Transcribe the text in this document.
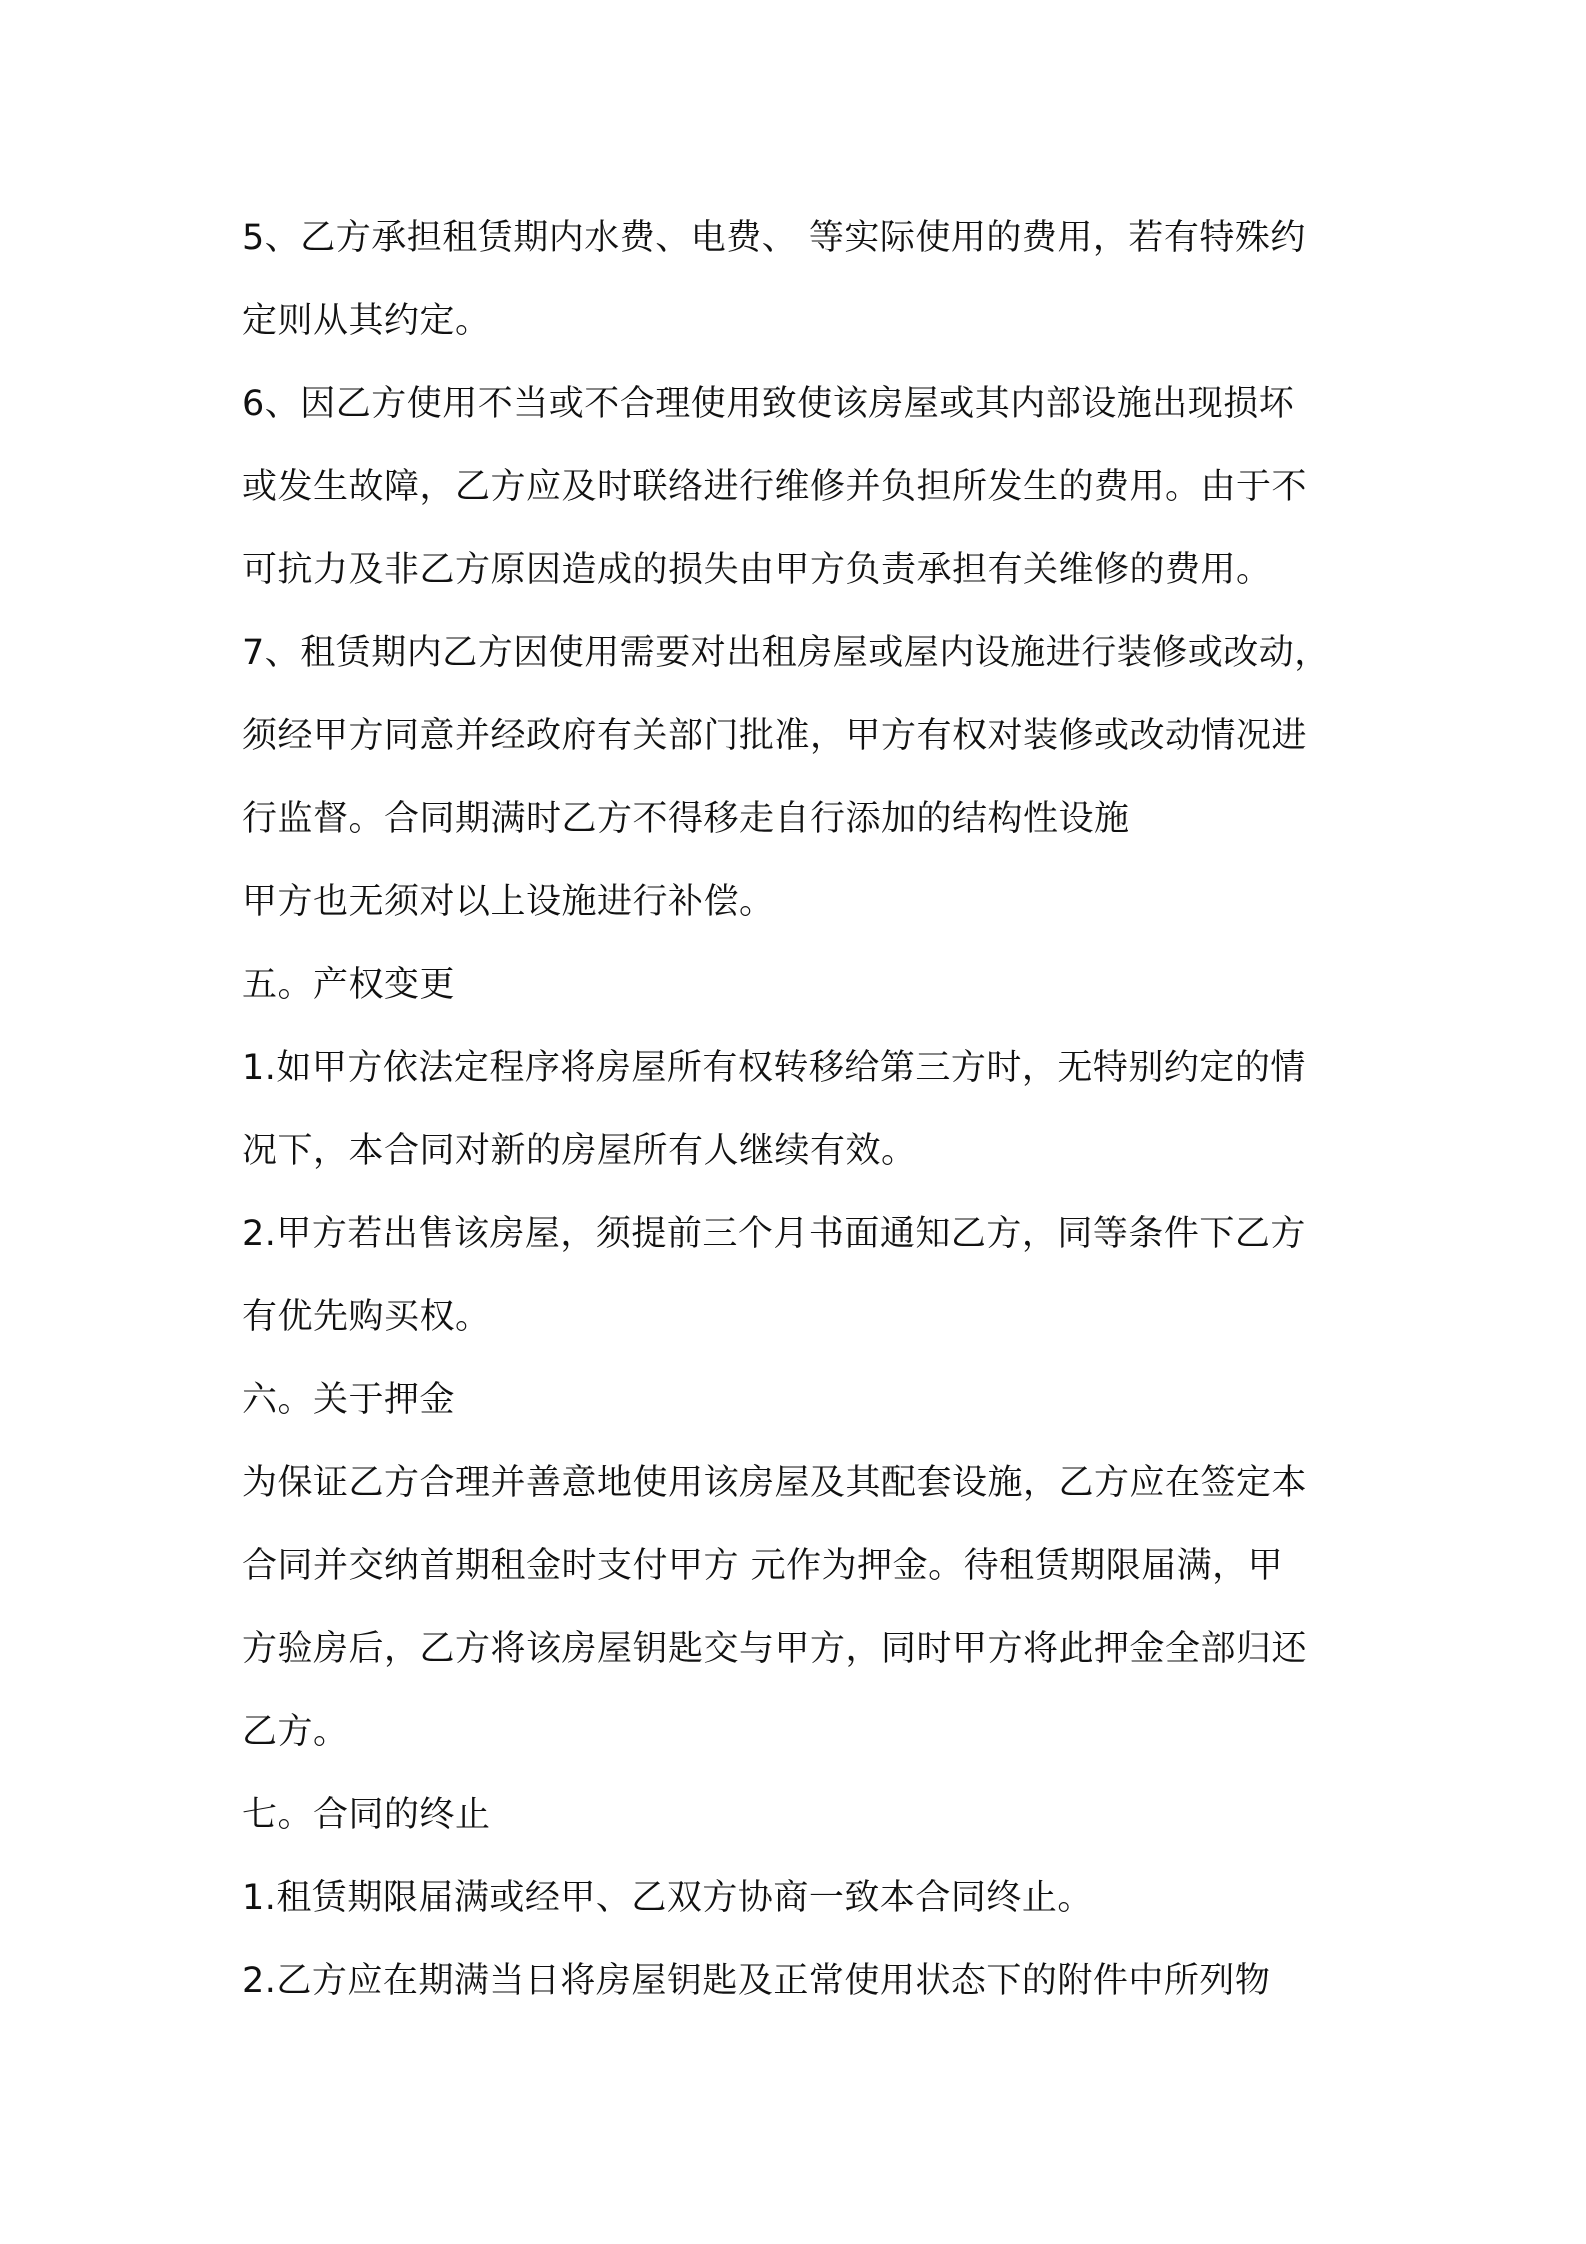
5、乙方承担租赁期内水费、电费、 等实际使用的费用，若有特殊约
定则从其约定。
6、因乙方使用不当或不合理使用致使该房屋或其内部设施出现损坏
或发生故障，乙方应及时联络进行维修并负担所发生的费用。由于不
可抗力及非乙方原因造成的损失由甲方负责承担有关维修的费用。
7、租赁期内乙方因使用需要对出租房屋或屋内设施进行装修或改动，
须经甲方同意并经政府有关部门批准，甲方有权对装修或改动情况进
行监督。合同期满时乙方不得移走自行添加的结构性设施
甲方也无须对以上设施进行补偿。
五。产权变更
1.如甲方依法定程序将房屋所有权转移给第三方时，无特别约定的情
况下，本合同对新的房屋所有人继续有效。
2.甲方若出售该房屋，须提前三个月书面通知乙方，同等条件下乙方
有优先购买权。
六。关于押金
为保证乙方合理并善意地使用该房屋及其配套设施，乙方应在签定本
合同并交纳首期租金时支付甲方 元作为押金。待租赁期限届满，甲
方验房后，乙方将该房屋钥匙交与甲方，同时甲方将此押金全部归还
乙方。
七。合同的终止
1.租赁期限届满或经甲、乙双方协商一致本合同终止。
2.乙方应在期满当日将房屋钥匙及正常使用状态下的附件中所列物
